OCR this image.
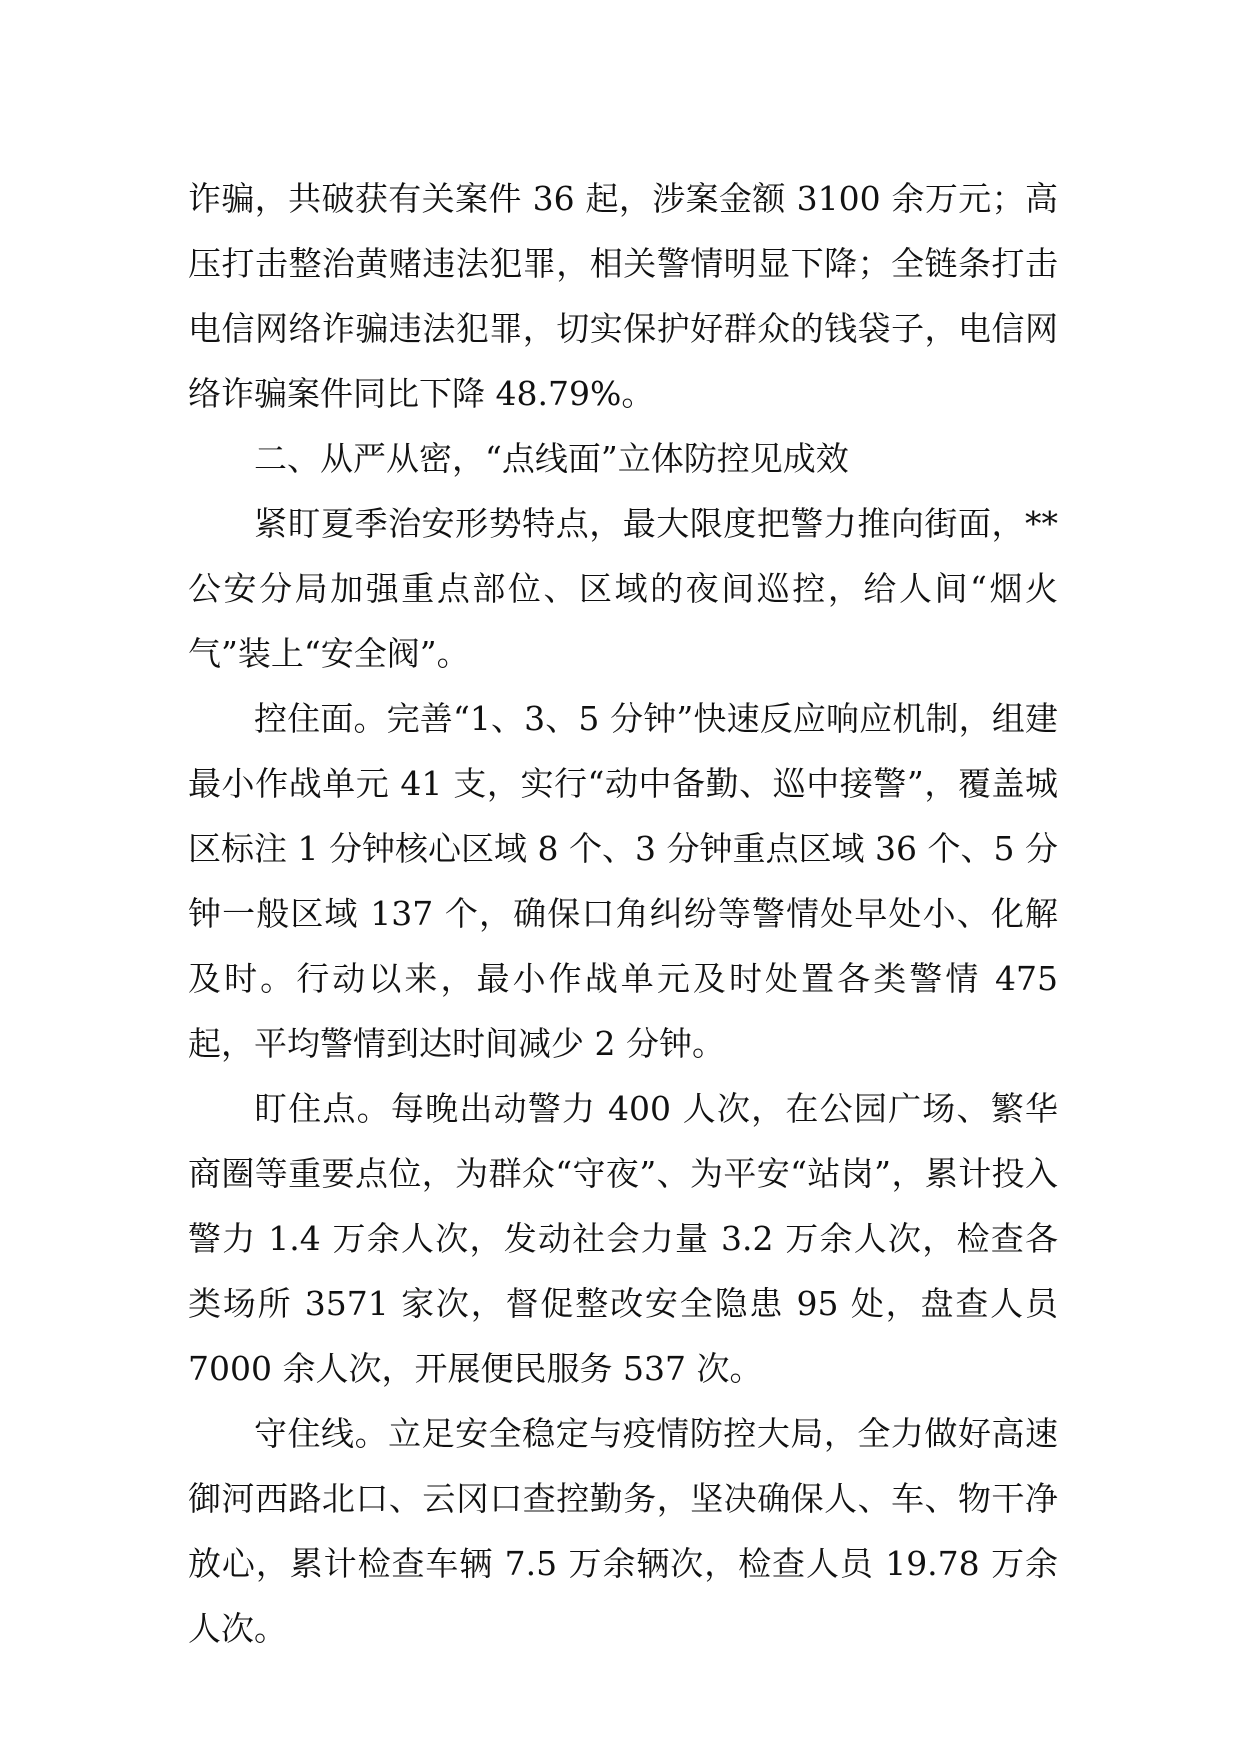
诈骗，共破获有关案件 36 起，涉案金额 3100 余万元；高压打击整治黄赌违法犯罪，相关警情明显下降；全链条打击电信网络诈骗违法犯罪，切实保护好群众的钱袋子，电信网络诈骗案件同比下降 48.79%。

二、从严从密，“点线面”立体防控见成效

紧盯夏季治安形势特点，最大限度把警力推向街面，**公安分局加强重点部位、区域的夜间巡控，给人间“烟火气”装上“安全阀”。

控住面。完善“1、3、5 分钟”快速反应响应机制，组建最小作战单元 41 支，实行“动中备勤、巡中接警”，覆盖城区标注 1 分钟核心区域 8 个、3 分钟重点区域 36 个、5 分钟一般区域 137 个，确保口角纠纷等警情处早处小、化解及时。行动以来，最小作战单元及时处置各类警情 475 起，平均警情到达时间减少 2 分钟。

盯住点。每晚出动警力 400 人次，在公园广场、繁华商圈等重要点位，为群众“守夜”、为平安“站岗”，累计投入警力 1.4 万余人次，发动社会力量 3.2 万余人次，检查各类场所 3571 家次，督促整改安全隐患 95 处，盘查人员 7000 余人次，开展便民服务 537 次。

守住线。立足安全稳定与疫情防控大局，全力做好高速御河西路北口、云冈口查控勤务，坚决确保人、车、物干净放心，累计检查车辆 7.5 万余辆次，检查人员 19.78 万余人次。
